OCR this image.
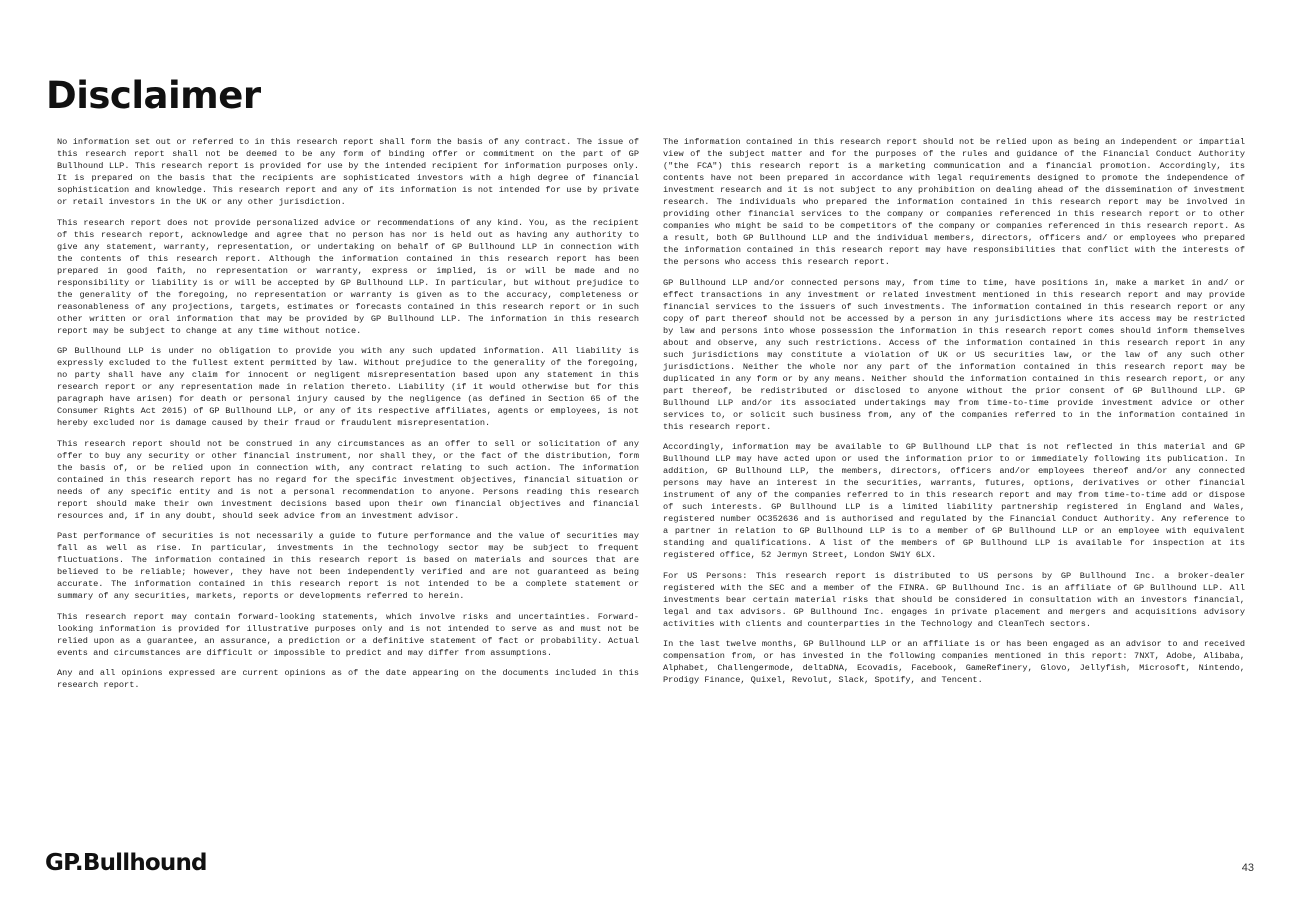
Disclaimer

No information set out or referred to in this research report shall form the basis of any contract. The issue of this research report shall not be deemed to be any form of binding offer or commitment on the part of GP Bullhound LLP. This research report is provided for use by the intended recipient for information purposes only. It is prepared on the basis that the recipients are sophisticated investors with a high degree of financial sophistication and knowledge. This research report and any of its information is not intended for use by private or retail investors in the UK or any other jurisdiction.

This research report does not provide personalized advice or recommendations of any kind. You, as the recipient of this research report, acknowledge and agree that no person has nor is held out as having any authority to give any statement, warranty, representation, or undertaking on behalf of GP Bullhound LLP in connection with the contents of this research report. Although the information contained in this research report has been prepared in good faith, no representation or warranty, express or implied, is or will be made and no responsibility or liability is or will be accepted by GP Bullhound LLP. In particular, but without prejudice to the generality of the foregoing, no representation or warranty is given as to the accuracy, completeness or reasonableness of any projections, targets, estimates or forecasts contained in this research report or in such other written or oral information that may be provided by GP Bullhound LLP. The information in this research report may be subject to change at any time without notice.

GP Bullhound LLP is under no obligation to provide you with any such updated information. All liability is expressly excluded to the fullest extent permitted by law. Without prejudice to the generality of the foregoing, no party shall have any claim for innocent or negligent misrepresentation based upon any statement in this research report or any representation made in relation thereto. Liability (if it would otherwise but for this paragraph have arisen) for death or personal injury caused by the negligence (as defined in Section 65 of the Consumer Rights Act 2015) of GP Bullhound LLP, or any of its respective affiliates, agents or employees, is not hereby excluded nor is damage caused by their fraud or fraudulent misrepresentation.

This research report should not be construed in any circumstances as an offer to sell or solicitation of any offer to buy any security or other financial instrument, nor shall they, or the fact of the distribution, form the basis of, or be relied upon in connection with, any contract relating to such action. The information contained in this research report has no regard for the specific investment objectives, financial situation or needs of any specific entity and is not a personal recommendation to anyone. Persons reading this research report should make their own investment decisions based upon their own financial objectives and financial resources and, if in any doubt, should seek advice from an investment advisor.

Past performance of securities is not necessarily a guide to future performance and the value of securities may fall as well as rise. In particular, investments in the technology sector may be subject to frequent fluctuations. The information contained in this research report is based on materials and sources that are believed to be reliable; however, they have not been independently verified and are not guaranteed as being accurate. The information contained in this research report is not intended to be a complete statement or summary of any securities, markets, reports or developments referred to herein.

This research report may contain forward-looking statements, which involve risks and uncertainties. Forward-looking information is provided for illustrative purposes only and is not intended to serve as and must not be relied upon as a guarantee, an assurance, a prediction or a definitive statement of fact or probability. Actual events and circumstances are difficult or impossible to predict and may differ from assumptions.

Any and all opinions expressed are current opinions as of the date appearing on the documents included in this research report.

The information contained in this research report should not be relied upon as being an independent or impartial view of the subject matter and for the purposes of the rules and guidance of the Financial Conduct Authority ("the FCA") this research report is a marketing communication and a financial promotion. Accordingly, its contents have not been prepared in accordance with legal requirements designed to promote the independence of investment research and it is not subject to any prohibition on dealing ahead of the dissemination of investment research. The individuals who prepared the information contained in this research report may be involved in providing other financial services to the company or companies referenced in this research report or to other companies who might be said to be competitors of the company or companies referenced in this research report. As a result, both GP Bullhound LLP and the individual members, directors, officers and/ or employees who prepared the information contained in this research report may have responsibilities that conflict with the interests of the persons who access this research report.

GP Bullhound LLP and/or connected persons may, from time to time, have positions in, make a market in and/ or effect transactions in any investment or related investment mentioned in this research report and may provide financial services to the issuers of such investments. The information contained in this research report or any copy of part thereof should not be accessed by a person in any jurisdictions where its access may be restricted by law and persons into whose possession the information in this research report comes should inform themselves about and observe, any such restrictions. Access of the information contained in this research report in any such jurisdictions may constitute a violation of UK or US securities law, or the law of any such other jurisdictions. Neither the whole nor any part of the information contained in this research report may be duplicated in any form or by any means. Neither should the information contained in this research report, or any part thereof, be redistributed or disclosed to anyone without the prior consent of GP Bullhound LLP. GP Bullhound LLP and/or its associated undertakings may from time-to-time provide investment advice or other services to, or solicit such business from, any of the companies referred to in the information contained in this research report.

Accordingly, information may be available to GP Bullhound LLP that is not reflected in this material and GP Bullhound LLP may have acted upon or used the information prior to or immediately following its publication. In addition, GP Bullhound LLP, the members, directors, officers and/or employees thereof and/or any connected persons may have an interest in the securities, warrants, futures, options, derivatives or other financial instrument of any of the companies referred to in this research report and may from time-to-time add or dispose of such interests. GP Bullhound LLP is a limited liability partnership registered in England and Wales, registered number OC352636 and is authorised and regulated by the Financial Conduct Authority. Any reference to a partner in relation to GP Bullhound LLP is to a member of GP Bullhound LLP or an employee with equivalent standing and qualifications. A list of the members of GP Bullhound LLP is available for inspection at its registered office, 52 Jermyn Street, London SW1Y 6LX.

For US Persons: This research report is distributed to US persons by GP Bullhound Inc. a broker-dealer registered with the SEC and a member of the FINRA. GP Bullhound Inc. is an affiliate of GP Bullhound LLP. All investments bear certain material risks that should be considered in consultation with an investors financial, legal and tax advisors. GP Bullhound Inc. engages in private placement and mergers and acquisitions advisory activities with clients and counterparties in the Technology and CleanTech sectors.

In the last twelve months, GP Bullhound LLP or an affiliate is or has been engaged as an advisor to and received compensation from, or has invested in the following companies mentioned in this report: 7NXT, Adobe, Alibaba, Alphabet, Challengermode, deltaDNA, Ecovadis, Facebook, GameRefinery, Glovo, Jellyfish, Microsoft, Nintendo, Prodigy Finance, Quixel, Revolut, Slack, Spotify, and Tencent.

GP.Bullhound	43
